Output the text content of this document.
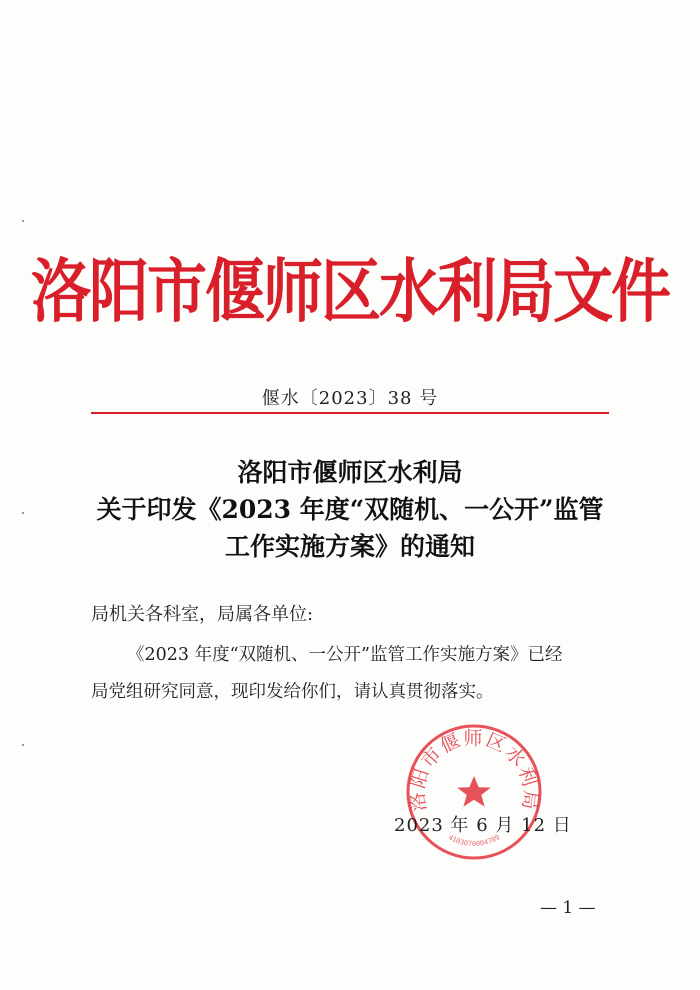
洛阳市偃师区水利局文件
偃水〔2023〕38 号
洛阳市偃师区水利局
关于印发《2023 年度“双随机、一公开”监管
工作实施方案》的通知
局机关各科室，局属各单位:
《2023 年度“双随机、一公开”监管工作实施方案》已经
局党组研究同意，现印发给你们，请认真贯彻落实。
洛阳市偃师区水利局
4103070004789
2023 年 6 月 12 日
— 1 —
